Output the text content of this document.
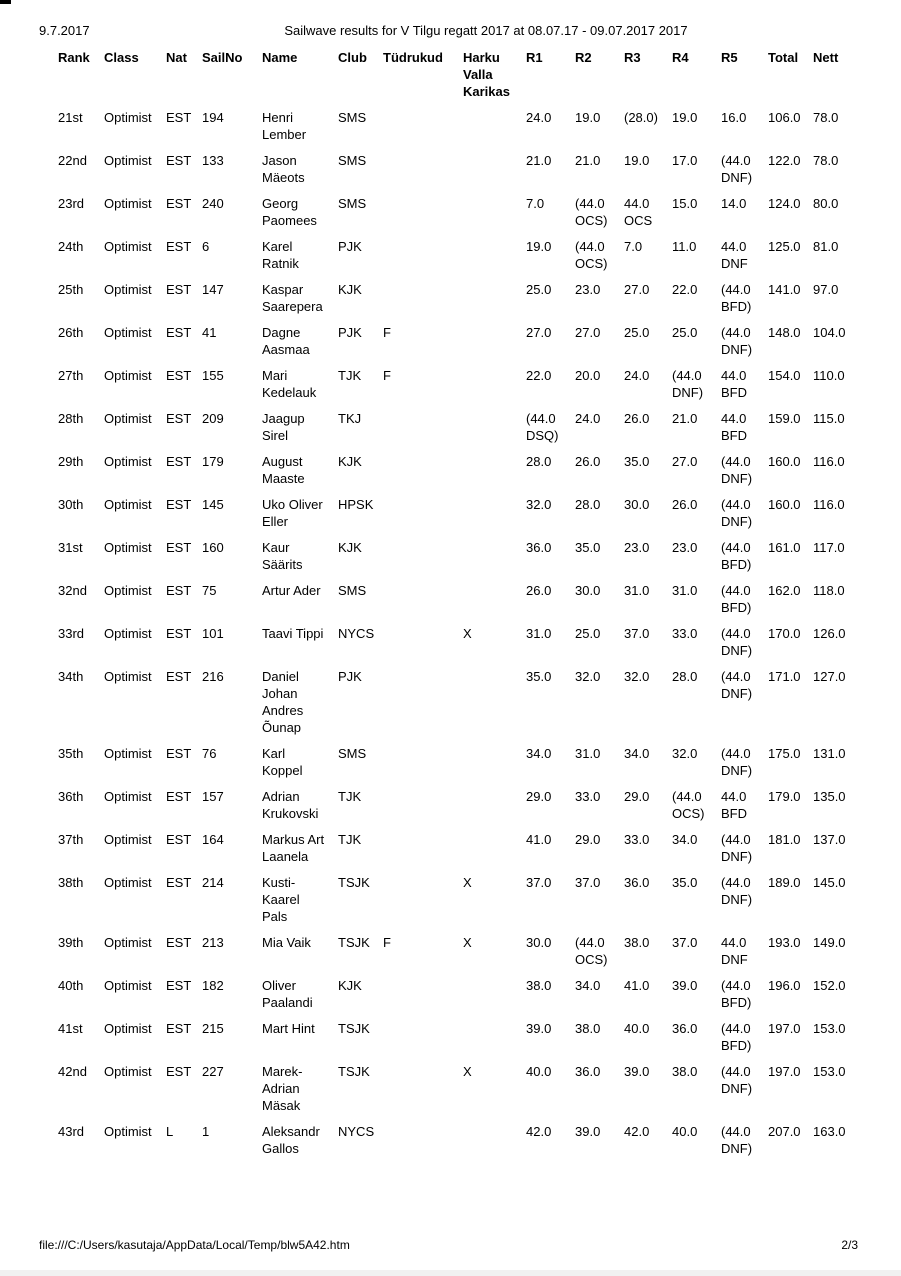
9.7.2017	Sailwave results for V Tilgu regatt 2017 at 08.07.17 - 09.07.2017 2017
Rank	Class	Nat	SailNo	Name	Club	Tüdrukud	Harku Valla Karikas	R1	R2	R3	R4	R5	Total	Nett
21st	Optimist	EST	194	Henri Lember	SMS			24.0	19.0	(28.0)	19.0	16.0	106.0	78.0
22nd	Optimist	EST	133	Jason Mäeots	SMS			21.0	21.0	19.0	17.0	(44.0 DNF)	122.0	78.0
23rd	Optimist	EST	240	Georg Paomees	SMS			7.0	(44.0 OCS)	44.0 OCS	15.0	14.0	124.0	80.0
24th	Optimist	EST	6	Karel Ratnik	PJK			19.0	(44.0 OCS)	7.0	11.0	44.0 DNF	125.0	81.0
25th	Optimist	EST	147	Kaspar Saarepera	KJK			25.0	23.0	27.0	22.0	(44.0 BFD)	141.0	97.0
26th	Optimist	EST	41	Dagne Aasmaa	PJK	F		27.0	27.0	25.0	25.0	(44.0 DNF)	148.0	104.0
27th	Optimist	EST	155	Mari Kedelauk	TJK	F		22.0	20.0	24.0	(44.0 DNF)	44.0 BFD	154.0	110.0
28th	Optimist	EST	209	Jaagup Sirel	TKJ			(44.0 DSQ)	24.0	26.0	21.0	44.0 BFD	159.0	115.0
29th	Optimist	EST	179	August Maaste	KJK			28.0	26.0	35.0	27.0	(44.0 DNF)	160.0	116.0
30th	Optimist	EST	145	Uko Oliver Eller	HPSK			32.0	28.0	30.0	26.0	(44.0 DNF)	160.0	116.0
31st	Optimist	EST	160	Kaur Säärits	KJK			36.0	35.0	23.0	23.0	(44.0 BFD)	161.0	117.0
32nd	Optimist	EST	75	Artur Ader	SMS			26.0	30.0	31.0	31.0	(44.0 BFD)	162.0	118.0
33rd	Optimist	EST	101	Taavi Tippi	NYCS		X	31.0	25.0	37.0	33.0	(44.0 DNF)	170.0	126.0
34th	Optimist	EST	216	Daniel Johan Andres Õunap	PJK			35.0	32.0	32.0	28.0	(44.0 DNF)	171.0	127.0
35th	Optimist	EST	76	Karl Koppel	SMS			34.0	31.0	34.0	32.0	(44.0 DNF)	175.0	131.0
36th	Optimist	EST	157	Adrian Krukovski	TJK			29.0	33.0	29.0	(44.0 OCS)	44.0 BFD	179.0	135.0
37th	Optimist	EST	164	Markus Art Laanela	TJK			41.0	29.0	33.0	34.0	(44.0 DNF)	181.0	137.0
38th	Optimist	EST	214	Kusti-Kaarel Pals	TSJK		X	37.0	37.0	36.0	35.0	(44.0 DNF)	189.0	145.0
39th	Optimist	EST	213	Mia Vaik	TSJK	F	X	30.0	(44.0 OCS)	38.0	37.0	44.0 DNF	193.0	149.0
40th	Optimist	EST	182	Oliver Paalandi	KJK			38.0	34.0	41.0	39.0	(44.0 BFD)	196.0	152.0
41st	Optimist	EST	215	Mart Hint	TSJK			39.0	38.0	40.0	36.0	(44.0 BFD)	197.0	153.0
42nd	Optimist	EST	227	Marek-Adrian Mäsak	TSJK		X	40.0	36.0	39.0	38.0	(44.0 DNF)	197.0	153.0
43rd	Optimist	L	1	Aleksandr Gallos	NYCS			42.0	39.0	42.0	40.0	(44.0 DNF)	207.0	163.0
file:///C:/Users/kasutaja/AppData/Local/Temp/blw5A42.htm	2/3
